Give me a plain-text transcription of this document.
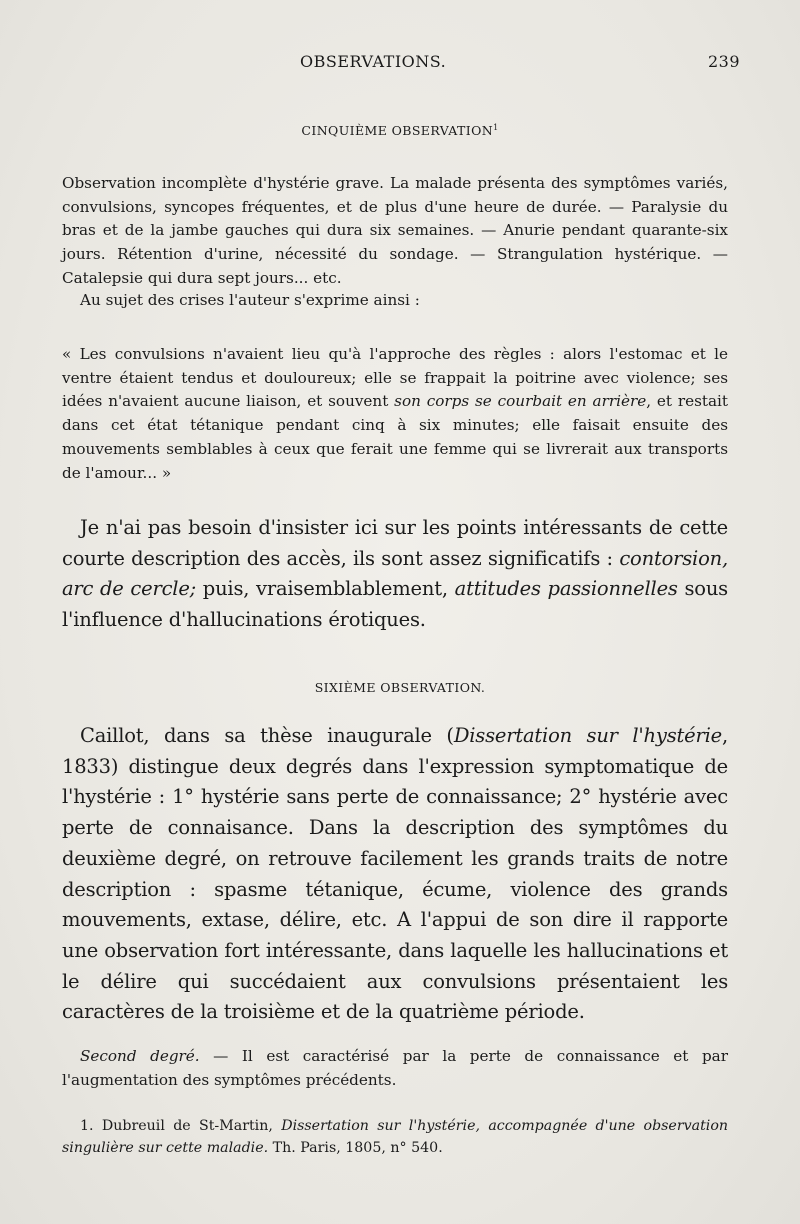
OBSERVATIONS.	239
CINQUIÈME OBSERVATION$^1$
Observation incomplète d'hystérie grave. La malade présenta des symptômes variés, convulsions, syncopes fréquentes, et de plus d'une heure de durée. — Paralysie du bras et de la jambe gauches qui dura six semaines. — Anurie pendant quarante-six jours. Rétention d'urine, nécessité du sondage. — Strangulation hystérique. — Catalepsie qui dura sept jours... etc.
Au sujet des crises l'auteur s'exprime ainsi :
« Les convulsions n'avaient lieu qu'à l'approche des règles : alors l'estomac et le ventre étaient tendus et douloureux; elle se frappait la poitrine avec violence; ses idées n'avaient aucune liaison, et souvent son corps se courbait en arrière, et restait dans cet état tétanique pendant cinq à six minutes; elle faisait ensuite des mouvements semblables à ceux que ferait une femme qui se livrerait aux transports de l'amour... »
Je n'ai pas besoin d'insister ici sur les points intéressants de cette courte description des accès, ils sont assez significatifs : contorsion, arc de cercle; puis, vraisemblablement, attitudes passionnelles sous l'influence d'hallucinations érotiques.
SIXIÈME OBSERVATION.
Caillot, dans sa thèse inaugurale (Dissertation sur l'hystérie, 1833) distingue deux degrés dans l'expression symptomatique de l'hystérie : 1° hystérie sans perte de connaissance; 2° hystérie avec perte de connaisance. Dans la description des symptômes du deuxième degré, on retrouve facilement les grands traits de notre description : spasme tétanique, écume, violence des grands mouvements, extase, délire, etc. A l'appui de son dire il rapporte une observation fort intéressante, dans laquelle les hallucinations et le délire qui succédaient aux convulsions présentaient les caractères de la troisième et de la quatrième période.
Second degré. — Il est caractérisé par la perte de connaissance et par l'augmentation des symptômes précédents.
1. Dubreuil de St-Martin, Dissertation sur l'hystérie, accompagnée d'une observation singulière sur cette maladie. Th. Paris, 1805, n° 540.
